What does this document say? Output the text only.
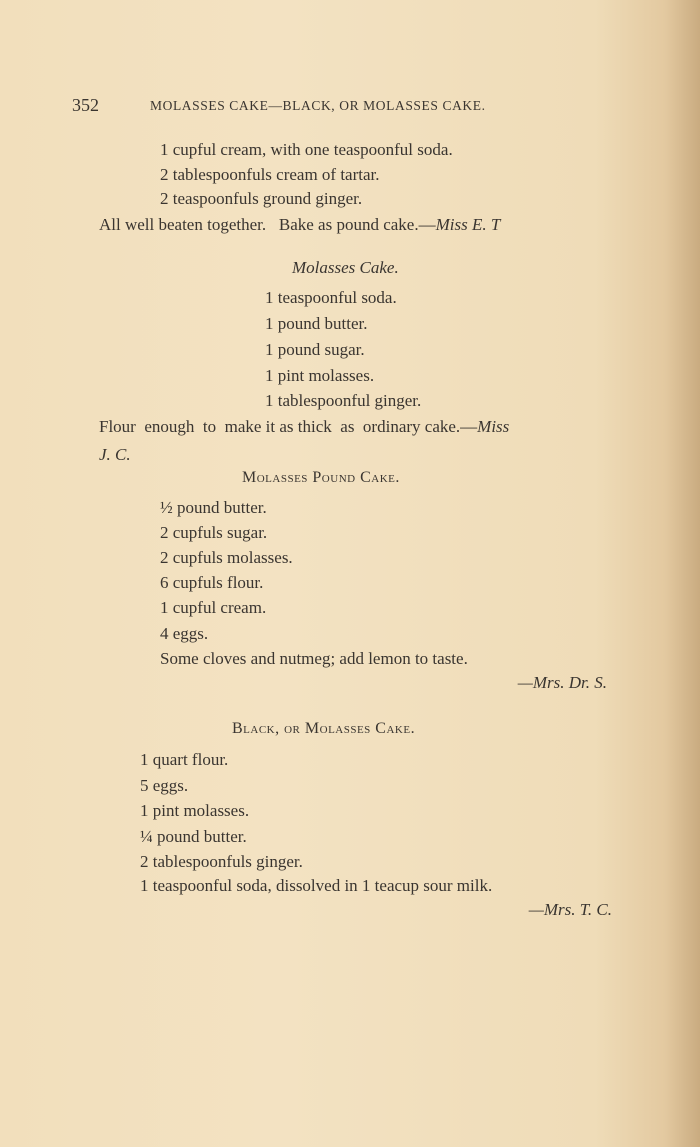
352	MOLASSES CAKE—BLACK, OR MOLASSES CAKE.
1 cupful cream, with one teaspoonful soda.
2 tablespoonfuls cream of tartar.
2 teaspoonfuls ground ginger.
All well beaten together.   Bake as pound cake.—Miss E. T
Molasses Cake.
1 teaspoonful soda.
1 pound butter.
1 pound sugar.
1 pint molasses.
1 tablespoonful ginger.
Flour  enough  to  make it as thick  as  ordinary cake.—Miss
J. C.
Molasses Pound Cake.
½ pound butter.
2 cupfuls sugar.
2 cupfuls molasses.
6 cupfuls flour.
1 cupful cream.
4 eggs.
Some cloves and nutmeg; add lemon to taste.
—Mrs. Dr. S.
Black, or Molasses Cake.
1 quart flour.
5 eggs.
1 pint molasses.
¼ pound butter.
2 tablespoonfuls ginger.
1 teaspoonful soda, dissolved in 1 teacup sour milk.
—Mrs. T. C.
